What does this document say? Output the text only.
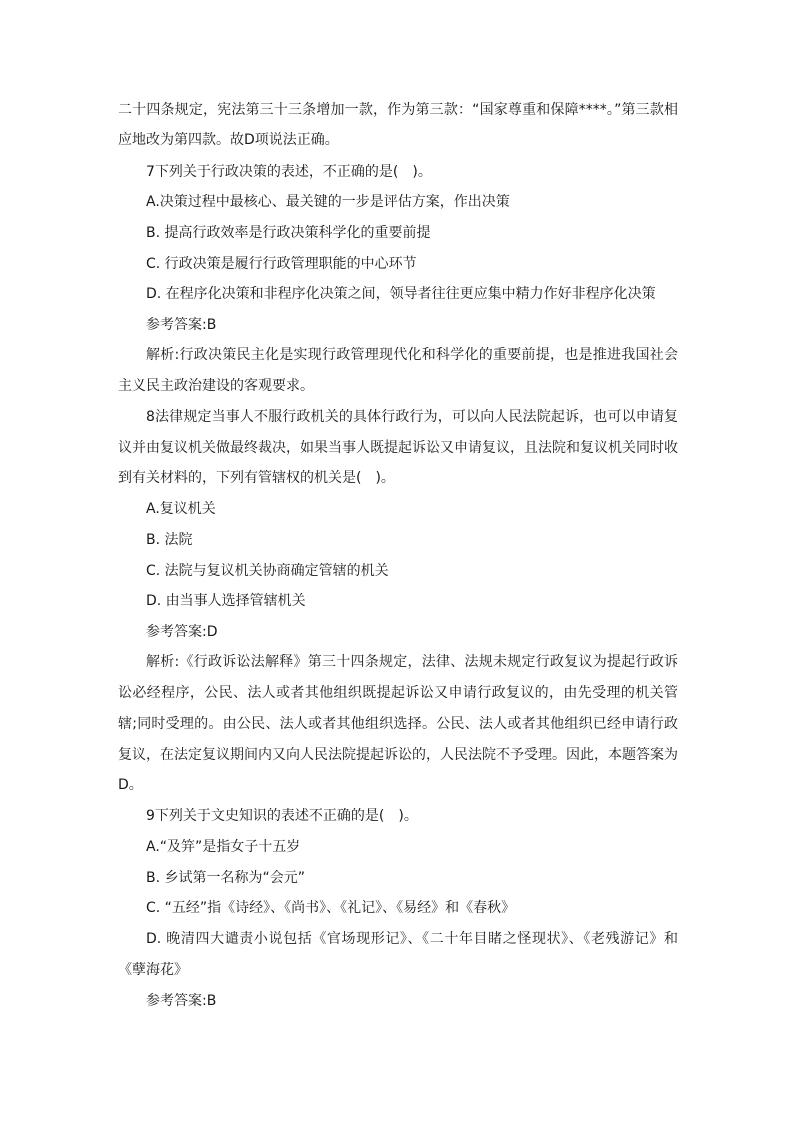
二十四条规定，宪法第三十三条增加一款，作为第三款：“国家尊重和保障****。”第三款相应地改为第四款。故D项说法正确。

7下列关于行政决策的表述，不正确的是(　)。

A.决策过程中最核心、最关键的一步是评估方案，作出决策

B. 提高行政效率是行政决策科学化的重要前提

C. 行政决策是履行行政管理职能的中心环节

D. 在程序化决策和非程序化决策之间，领导者往往更应集中精力作好非程序化决策

参考答案:B

解析:行政决策民主化是实现行政管理现代化和科学化的重要前提，也是推进我国社会主义民主政治建设的客观要求。

8法律规定当事人不服行政机关的具体行政行为，可以向人民法院起诉，也可以申请复议并由复议机关做最终裁决，如果当事人既提起诉讼又申请复议，且法院和复议机关同时收到有关材料的，下列有管辖权的机关是(　)。

A.复议机关

B. 法院

C. 法院与复议机关协商确定管辖的机关

D. 由当事人选择管辖机关

参考答案:D

解析:《行政诉讼法解释》第三十四条规定，法律、法规未规定行政复议为提起行政诉讼必经程序，公民、法人或者其他组织既提起诉讼又申请行政复议的，由先受理的机关管辖;同时受理的。由公民、法人或者其他组织选择。公民、法人或者其他组织已经申请行政复议，在法定复议期间内又向人民法院提起诉讼的，人民法院不予受理。因此，本题答案为D。

9下列关于文史知识的表述不正确的是(　)。

A.“及笄”是指女子十五岁

B. 乡试第一名称为“会元”

C. “五经”指《诗经》、《尚书》、《礼记》、《易经》和《春秋》

D. 晚清四大谴责小说包括《官场现形记》、《二十年目睹之怪现状》、《老残游记》和《孽海花》

参考答案:B
